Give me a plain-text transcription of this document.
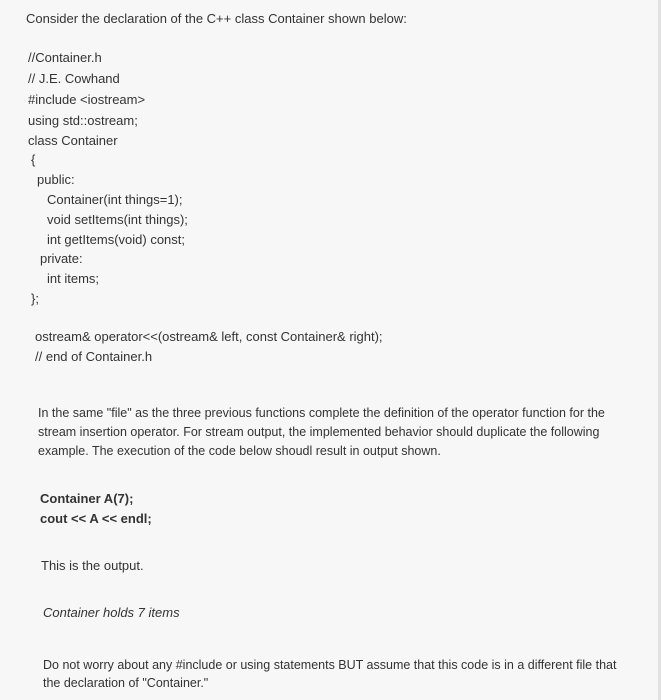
Consider the declaration of the C++ class Container shown below:
//Container.h
// J.E. Cowhand
#include <iostream>
using std::ostream;
class Container
{
public:
Container(int things=1);
void setItems(int things);
int getItems(void) const;
private:
int items;
};
ostream& operator<<(ostream& left, const Container& right);
// end of Container.h
In the same "file" as the three previous functions complete the definition of the operator function for the stream insertion operator. For stream output, the implemented behavior should duplicate the following example. The execution of the code below shoudl result in output shown.
Container A(7);
cout << A << endl;
This is the output.
Container holds 7 items
Do not worry about any #include or using statements BUT assume that this code is in a different file that the declaration of "Container."
